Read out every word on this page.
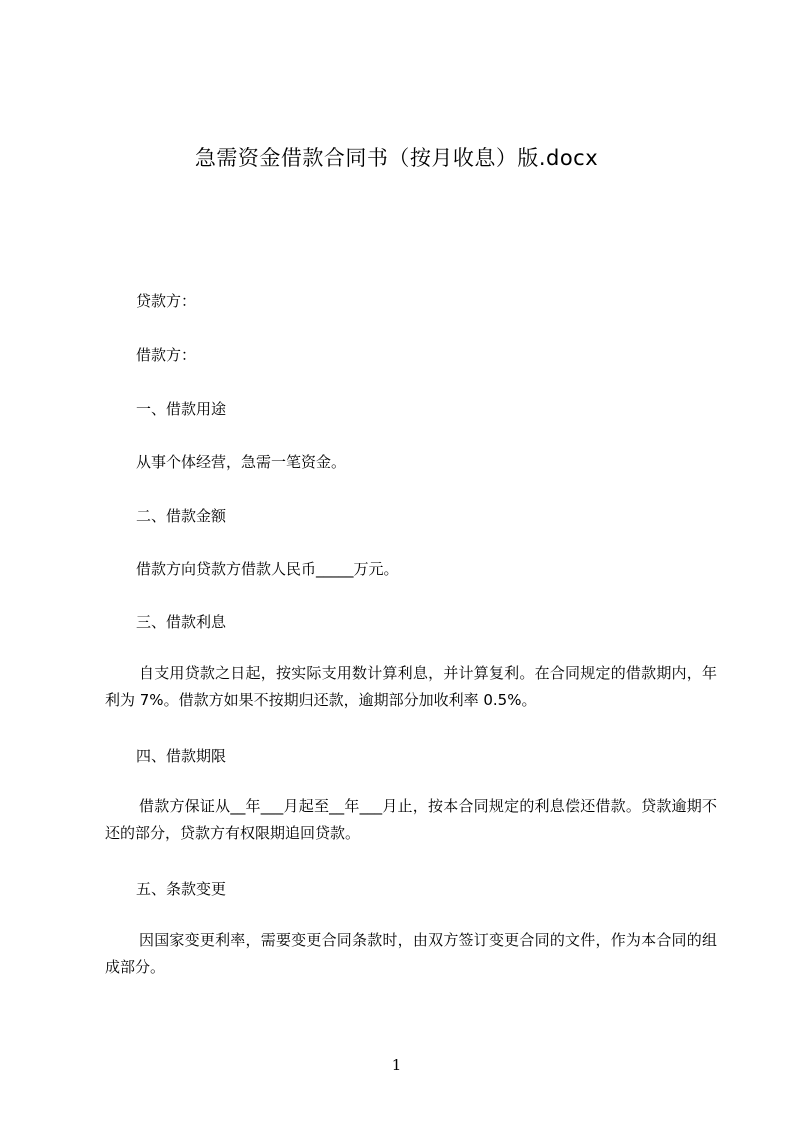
急需资金借款合同书（按月收息）版.docx
贷款方：
借款方：
一、借款用途
从事个体经营，急需一笔资金。
二、借款金额
借款方向贷款方借款人民币_____万元。
三、借款利息
自支用贷款之日起，按实际支用数计算利息，并计算复利。在合同规定的借款期内，年利为 7%。借款方如果不按期归还款，逾期部分加收利率 0.5%。
四、借款期限
借款方保证从__年___月起至__年___月止，按本合同规定的利息偿还借款。贷款逾期不还的部分，贷款方有权限期追回贷款。
五、条款变更
因国家变更利率，需要变更合同条款时，由双方签订变更合同的文件，作为本合同的组成部分。
1
